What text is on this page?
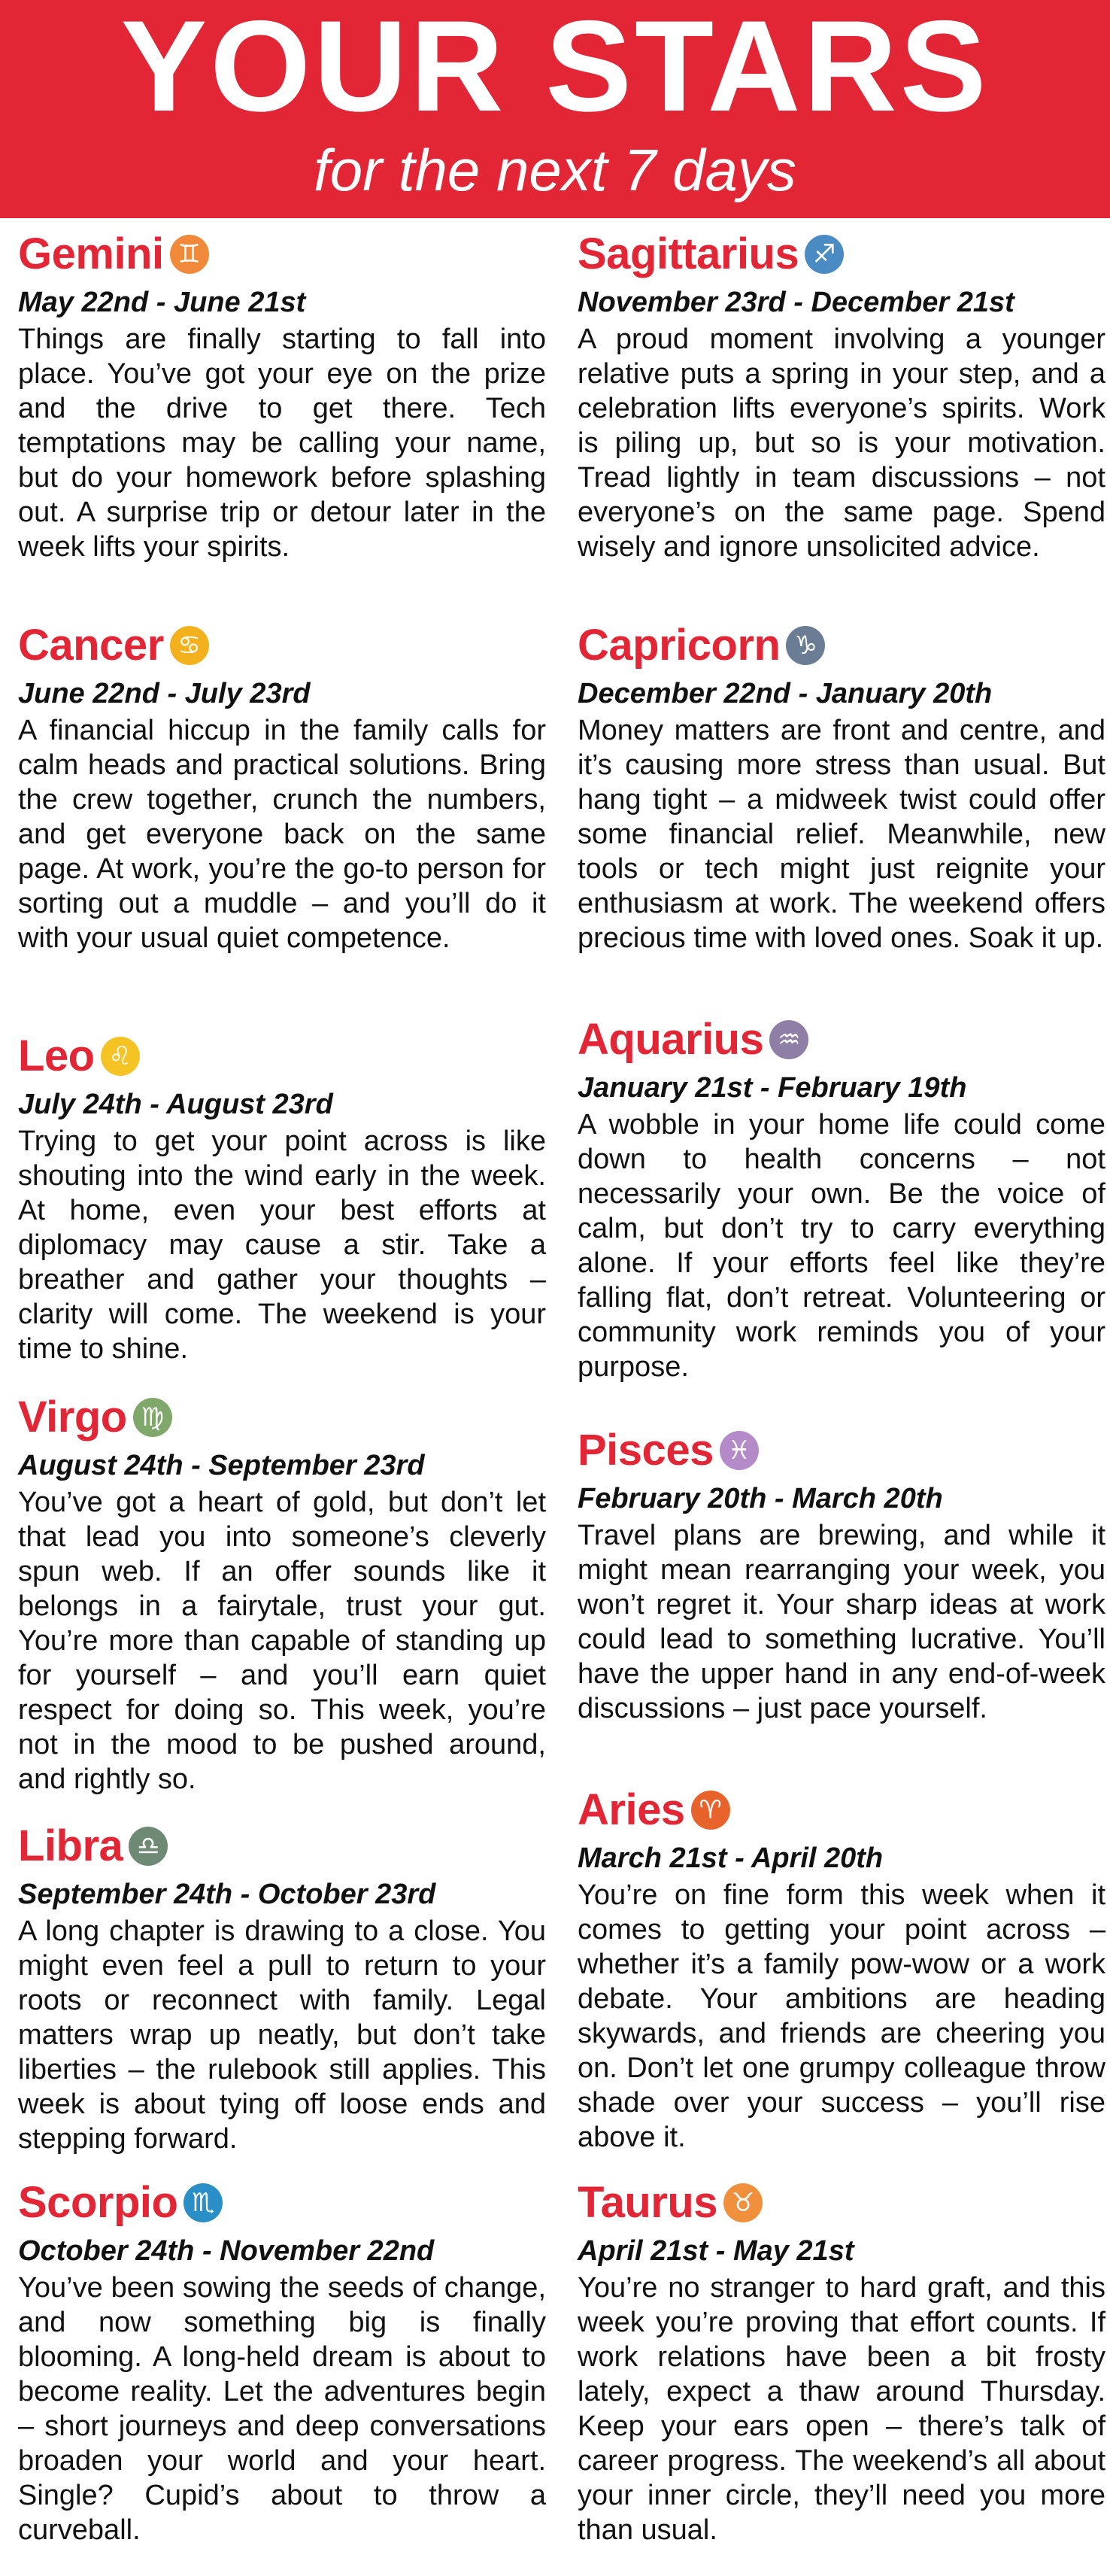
YOUR STARS
for the next 7 days
Gemini ♊
May 22nd - June 21st
Things are finally starting to fall into place. You’ve got your eye on the prize and the drive to get there. Tech temptations may be calling your name, but do your homework before splashing out. A surprise trip or detour later in the week lifts your spirits.
Cancer ♋
June 22nd - July 23rd
A financial hiccup in the family calls for calm heads and practical solutions. Bring the crew together, crunch the numbers, and get everyone back on the same page. At work, you’re the go-to person for sorting out a muddle – and you’ll do it with your usual quiet competence.
Leo ♌
July 24th - August 23rd
Trying to get your point across is like shouting into the wind early in the week. At home, even your best efforts at diplomacy may cause a stir. Take a breather and gather your thoughts – clarity will come. The weekend is your time to shine.
Virgo ♍
August 24th - September 23rd
You’ve got a heart of gold, but don’t let that lead you into someone’s cleverly spun web. If an offer sounds like it belongs in a fairytale, trust your gut. You’re more than capable of standing up for yourself – and you’ll earn quiet respect for doing so. This week, you’re not in the mood to be pushed around, and rightly so.
Libra ♎
September 24th - October 23rd
A long chapter is drawing to a close. You might even feel a pull to return to your roots or reconnect with family. Legal matters wrap up neatly, but don’t take liberties – the rulebook still applies. This week is about tying off loose ends and stepping forward.
Scorpio ♏
October 24th - November 22nd
You’ve been sowing the seeds of change, and now something big is finally blooming. A long-held dream is about to become reality. Let the adventures begin – short journeys and deep conversations broaden your world and your heart. Single? Cupid’s about to throw a curveball.
Sagittarius ♐
November 23rd - December 21st
A proud moment involving a younger relative puts a spring in your step, and a celebration lifts everyone’s spirits. Work is piling up, but so is your motivation. Tread lightly in team discussions – not everyone’s on the same page. Spend wisely and ignore unsolicited advice.
Capricorn ♑
December 22nd - January 20th
Money matters are front and centre, and it’s causing more stress than usual. But hang tight – a midweek twist could offer some financial relief. Meanwhile, new tools or tech might just reignite your enthusiasm at work. The weekend offers precious time with loved ones. Soak it up.
Aquarius ♒
January 21st - February 19th
A wobble in your home life could come down to health concerns – not necessarily your own. Be the voice of calm, but don’t try to carry everything alone. If your efforts feel like they’re falling flat, don’t retreat. Volunteering or community work reminds you of your purpose.
Pisces ♓
February 20th - March 20th
Travel plans are brewing, and while it might mean rearranging your week, you won’t regret it. Your sharp ideas at work could lead to something lucrative. You’ll have the upper hand in any end-of-week discussions – just pace yourself.
Aries ♈
March 21st - April 20th
You’re on fine form this week when it comes to getting your point across – whether it’s a family pow-wow or a work debate. Your ambitions are heading skywards, and friends are cheering you on. Don’t let one grumpy colleague throw shade over your success – you’ll rise above it.
Taurus ♉
April 21st - May 21st
You’re no stranger to hard graft, and this week you’re proving that effort counts. If work relations have been a bit frosty lately, expect a thaw around Thursday. Keep your ears open – there’s talk of career progress. The weekend’s all about your inner circle, they’ll need you more than usual.
